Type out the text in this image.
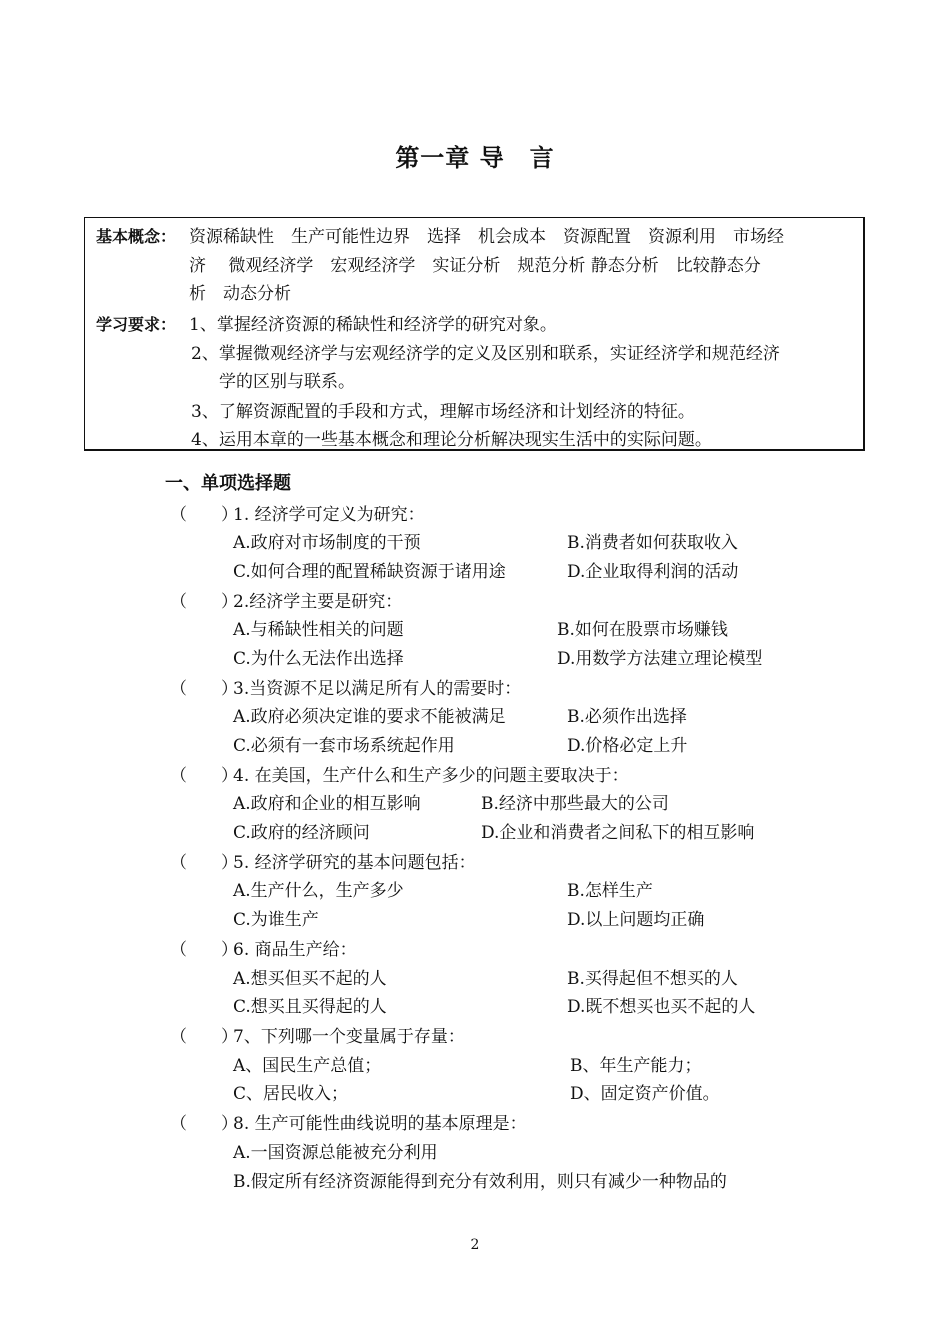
第一章 导　言
基本概念： 资源稀缺性　生产可能性边界　选择　机会成本　资源配置　资源利用　市场经
济　 微观经济学　宏观经济学　实证分析　规范分析 静态分析　比较静态分
析　动态分析
学习要求： 1、掌握经济资源的稀缺性和经济学的研究对象。
2、掌握微观经济学与宏观经济学的定义及区别和联系，实证经济学和规范经济
学的区别与联系。
3、了解资源配置的手段和方式，理解市场经济和计划经济的特征。
4、运用本章的一些基本概念和理论分析解决现实生活中的实际问题。
一、单项选择题
（　　）
1. 经济学可定义为研究：
A.政府对市场制度的干预	B.消费者如何获取收入
C.如何合理的配置稀缺资源于诸用途	D.企业取得利润的活动
（　　）
2.经济学主要是研究：
A.与稀缺性相关的问题	B.如何在股票市场赚钱
C.为什么无法作出选择	D.用数学方法建立理论模型
（　　）
3.当资源不足以满足所有人的需要时：
A.政府必须决定谁的要求不能被满足	B.必须作出选择
C.必须有一套市场系统起作用	D.价格必定上升
（　　）
4. 在美国，生产什么和生产多少的问题主要取决于：
A.政府和企业的相互影响	B.经济中那些最大的公司
C.政府的经济顾问	D.企业和消费者之间私下的相互影响
（　　）
5. 经济学研究的基本问题包括：
A.生产什么，生产多少	B.怎样生产
C.为谁生产	D.以上问题均正确
（　　）
6. 商品生产给：
A.想买但买不起的人	B.买得起但不想买的人
C.想买且买得起的人	D.既不想买也买不起的人
（　　）
7、下列哪一个变量属于存量：
A、国民生产总值；	B、年生产能力；
C、居民收入；	D、固定资产价值。
（　　）
8. 生产可能性曲线说明的基本原理是：
A.一国资源总能被充分利用
B.假定所有经济资源能得到充分有效利用，则只有减少一种物品的
2
